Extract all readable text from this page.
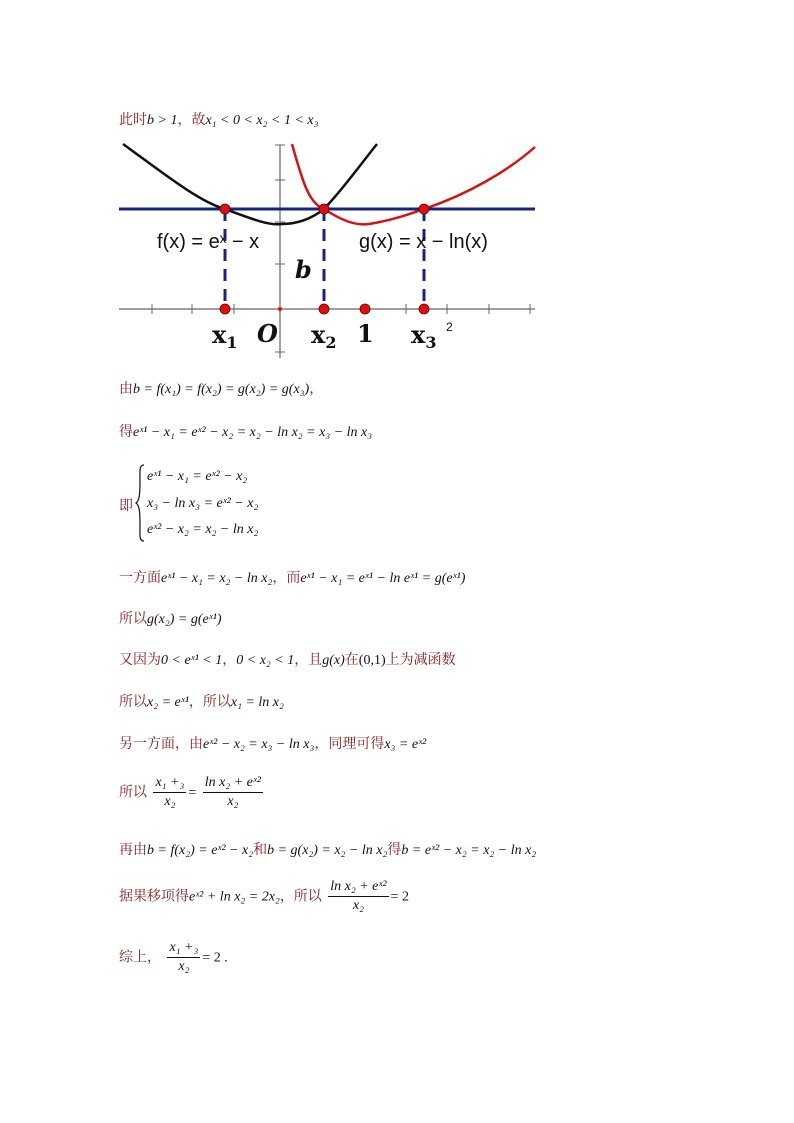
此时b > 1，故x₁ < 0 < x₂ < 1 < x₃
f(x) = eˣ − x	g(x) = x − ln(x)
b
$x_1$ O $x_2$ 1 $x_3$
2
由b = f(x₁) = f(x₂) = g(x₂) = g(x₃)，
得eˣ¹ − x₁ = eˣ² − x₂ = x₂ − ln x₂ = x₃ − ln x₃
即
eˣ¹ − x₁ = eˣ² − x₂
x₃ − ln x₃ = eˣ² − x₂
eˣ² − x₂ = x₂ − ln x₂
一方面eˣ¹ − x₁ = x₂ − ln x₂，而eˣ¹ − x₁ = eˣ¹ − ln eˣ¹ = g(eˣ¹)
所以g(x₂) = g(eˣ¹)
又因为0 < eˣ¹ < 1，0 < x₂ < 1，且g(x)在(0,1)上为减函数
所以x₂ = eˣ¹，所以x₁ = ln x₂
另一方面，由eˣ² − x₂ = x₃ − ln x₃，同理可得x₃ = eˣ²
所以 $\frac{\text{x₁ +₃}}{\text{x₂}} = \frac{\text{ln x₂ + eˣ²}}{\text{x₂}}$
再由b = f(x₂) = eˣ² − x₂和b = g(x₂) = x₂ − ln x₂得b = eˣ² − x₂ = x₂ − ln x₂
据果移项得eˣ² + ln x₂ = 2x₂，所以 $\frac{\text{ln x₂ + eˣ²}}{\text{x₂}} = 2$
综上， $\frac{\text{x₁ +₃}}{\text{x₂}} = 2$ .
